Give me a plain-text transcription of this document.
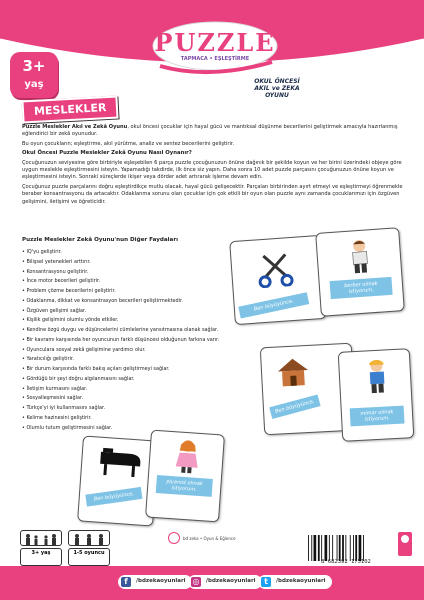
3+
yaş
PUZZLE
TAPMACA • EŞLEŞTİRME
OKUL ÖNCESİ
AKIL ve ZEKA
OYUNU
MESLEKLER

Puzzle Meslekler Akıl ve Zekâ Oyunu, okul öncesi çocuklar için hayal gücü ve mantıksal düşünme becerilerini geliştirmek amacıyla hazırlanmış eğlendirici bir zekâ oyunudur.

Bu oyun çocukların; eşleştirme, akıl yürütme, analiz ve sentez becerilerini geliştirir.

Okul Öncesi Puzzle Meslekler Zekâ Oyunu Nasıl Oynanır?

Çocuğunuzun seviyesine göre birbiriyle eşleşebilen 6 parça puzzle çocuğunuzun önüne dağınık bir şekilde koyun ve her birini üzerindeki objeye göre uygun meslekle eşleştirmesini isteyin. Yapamadığı takdirde, ilk önce siz yapın. Daha sonra 10 adet puzzle parçasını çocuğunuzun önüne koyun ve eşleştirmesini isteyin. Sonraki süreçlerde ikişer veya dörder adet artırarak işleme devam edin.

Çocuğunuz puzzle parçalarını doğru eşleştirdikçe mutlu olacak, hayal gücü gelişecektir. Parçaları birbirinden ayırt etmeyi ve eşleştirmeyi öğrenmekle beraber konsantrasyonu da artacaktır. Odaklanma sorunu olan çocuklar için çok etkili bir oyun olan puzzle aynı zamanda çocuklarımızı için özgüven gelişimini, iletişimi ve öğreticidir.

Puzzle Meslekler Zekâ Oyunu'nun Diğer Faydaları
• IQ'yu geliştirir.
• Bilişsel yetenekleri arttırır.
• Konsantrasyonu geliştirir.
• İnce motor becerileri geliştirir.
• Problem çözme becerilerini geliştirir.
• Odaklanma, dikkat ve konsantrasyon becerileri geliştirmektedir.
• Özgüven gelişimi sağlar.
• Kişilik gelişimini olumlu yönde etkiler.
• Kendine özgü duygu ve düşüncelerini cümlelerine yansıtmasına olanak sağlar.
• Bir kavramı karşısında her oyuncunun farklı düşüncesi olduğunun farkına varır.
• Oyunculara sosyal zekâ gelişimine yardımcı olur.
• Yaratıcılığı geliştirir.
• Bir durum karşısında farklı bakış açıları geliştirmeyi sağlar.
• Gördüğü bir şeyi doğru algılanmasını sağlar.
• İletişim kurmasını sağlar.
• Sosyalleşmesini sağlar.
• Türkçe'yi iyi kullanmasını sağlar.
• Kelime hazinesini geliştirir.
• Olumlu tutum geliştirmesini sağlar.
Ben büyüyünce,
berber olmak istiyorum.
Ben büyüyünce,	mimar olmak istiyorum.
Ben büyüyünce,
piyanist olmak istiyorum.
3+ yaş	1-5 oyuncu
bd zeka • Oyun & Eğlence
8 682392 175102
f	/bdzekaoyunlari ◎ /bdzekaoyunlari	t	/bdzekaoyunlari
